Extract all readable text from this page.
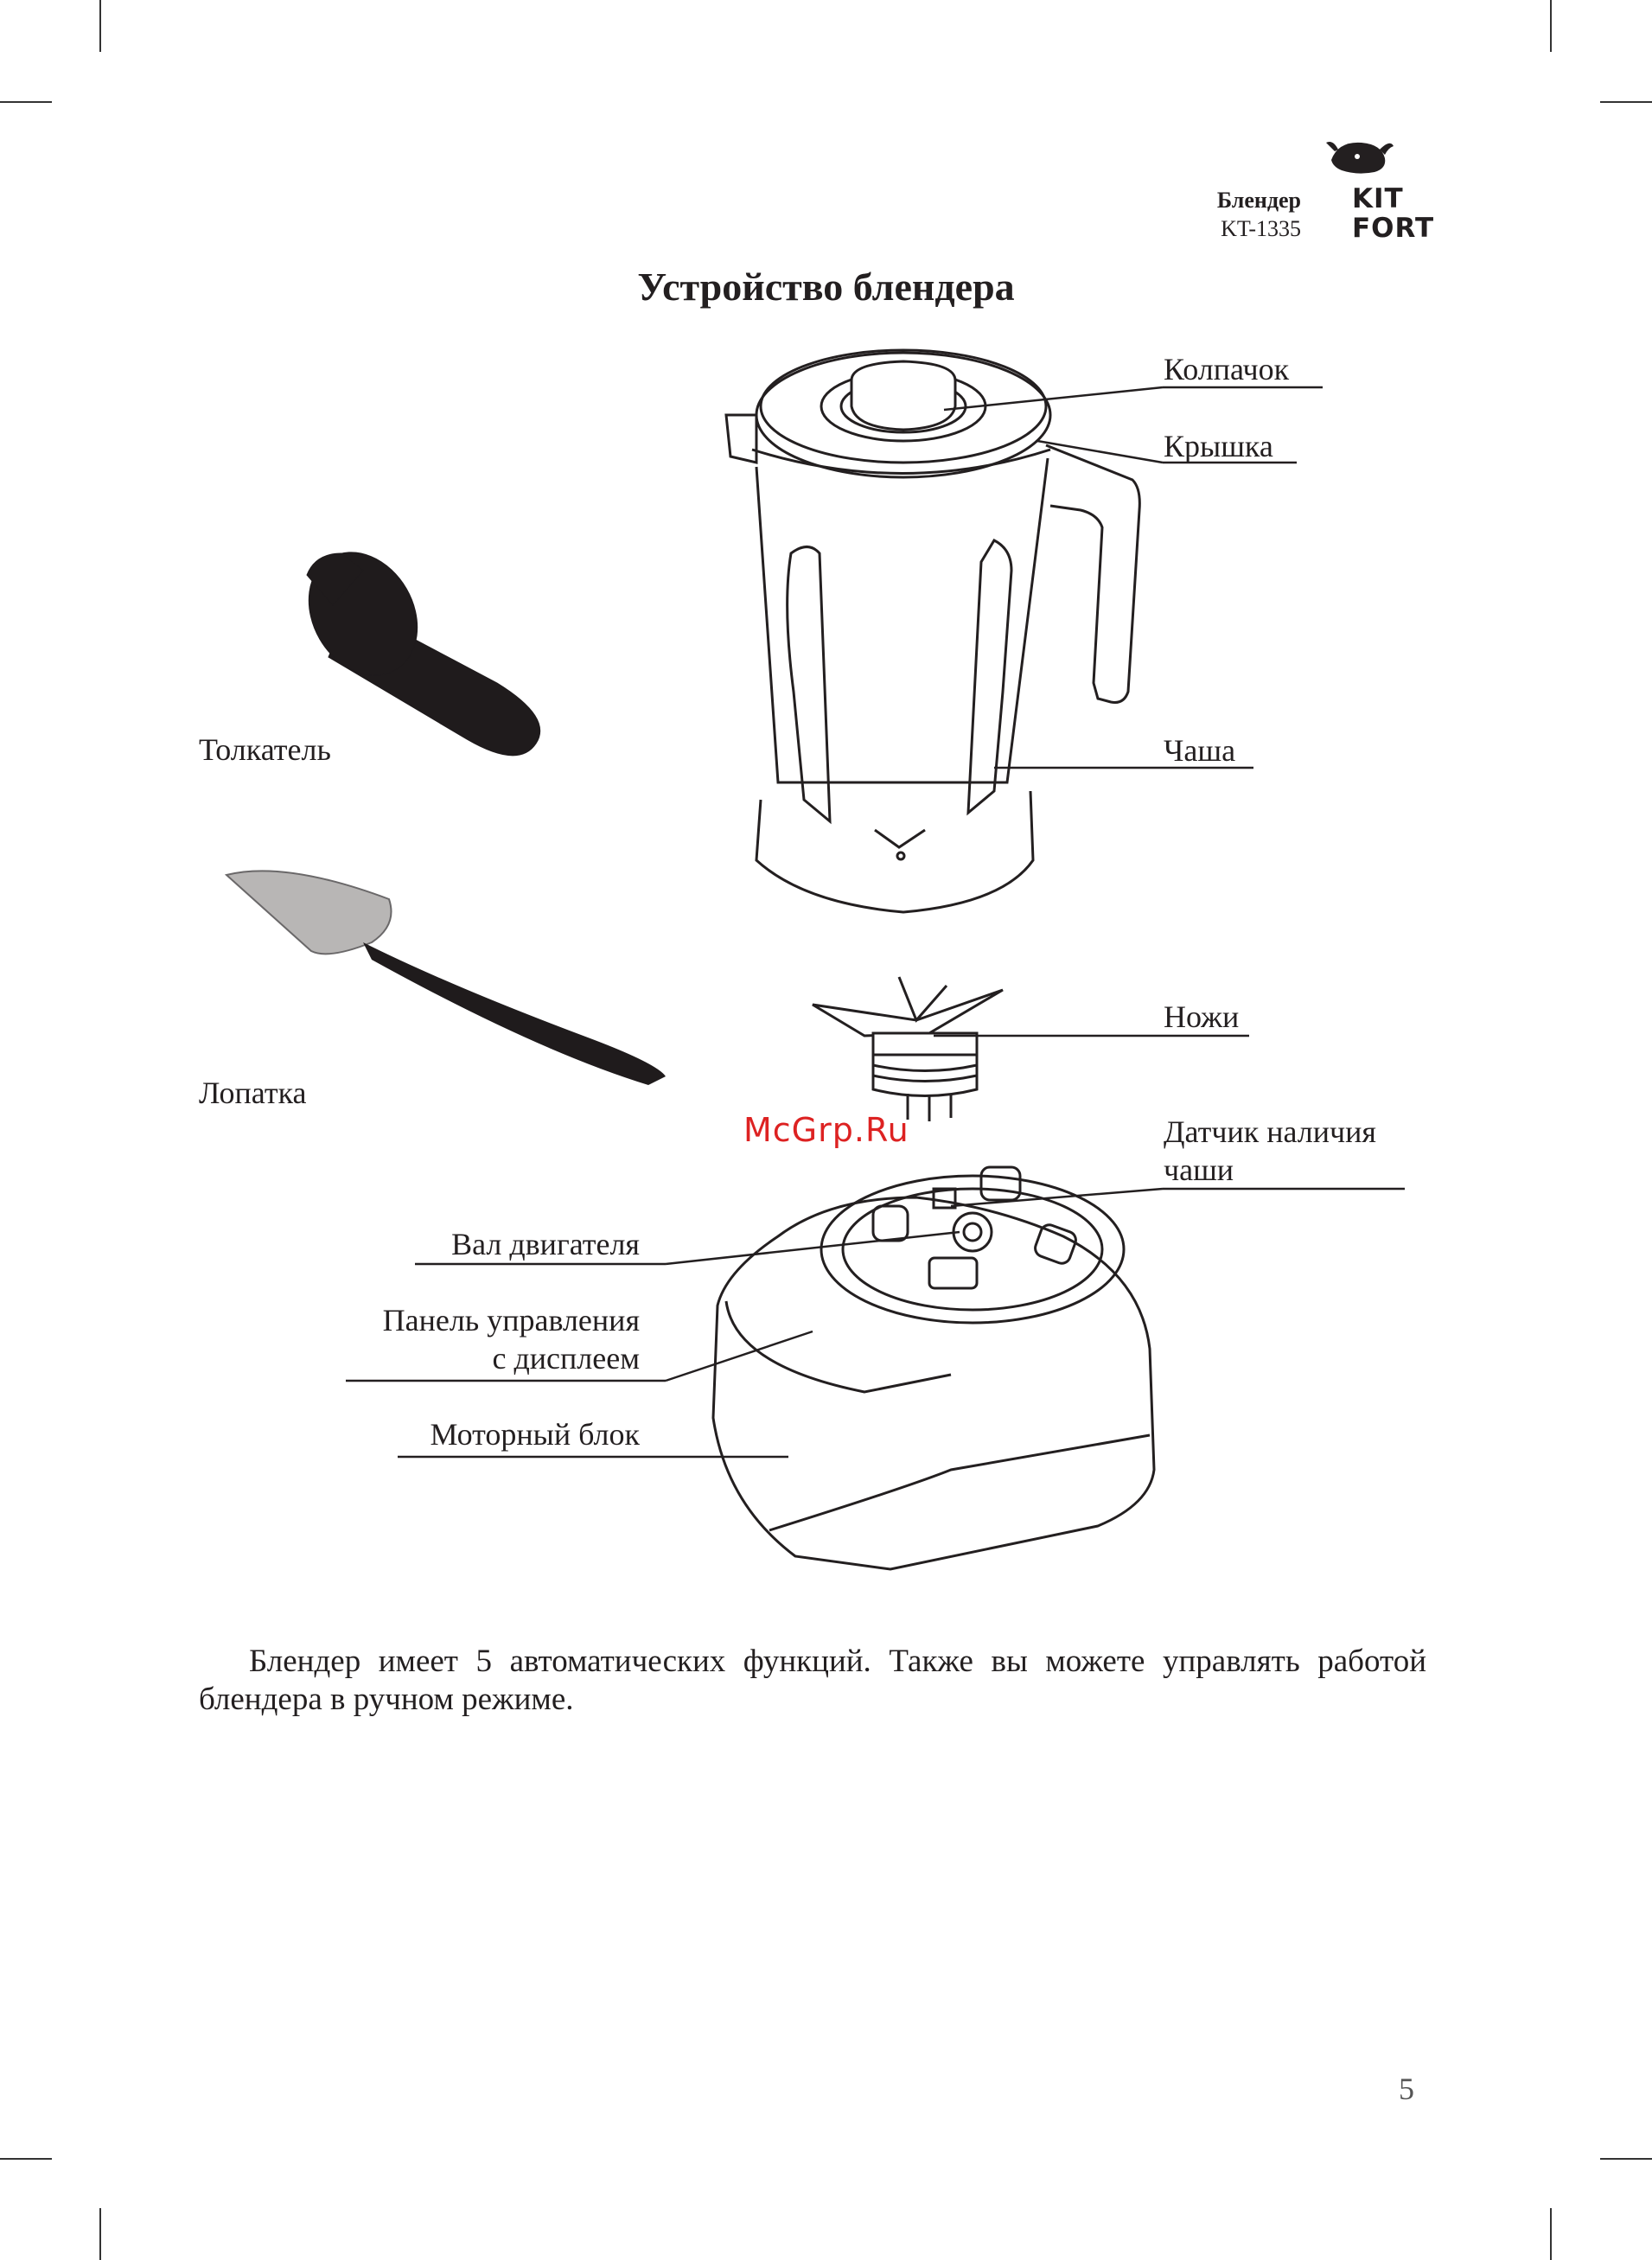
Блендер
KT-1335
KIT
FORT
Устройство блендера
Колпачок
Крышка
Чаша
Ножи
Датчик наличия
чаши
Вал двигателя
Панель управления
с дисплеем
Моторный блок
Толкатель
Лопатка
McGrp.Ru
Блендер имеет 5 автоматических функций. Также вы можете управлять работой блендера в ручном режиме.
5
